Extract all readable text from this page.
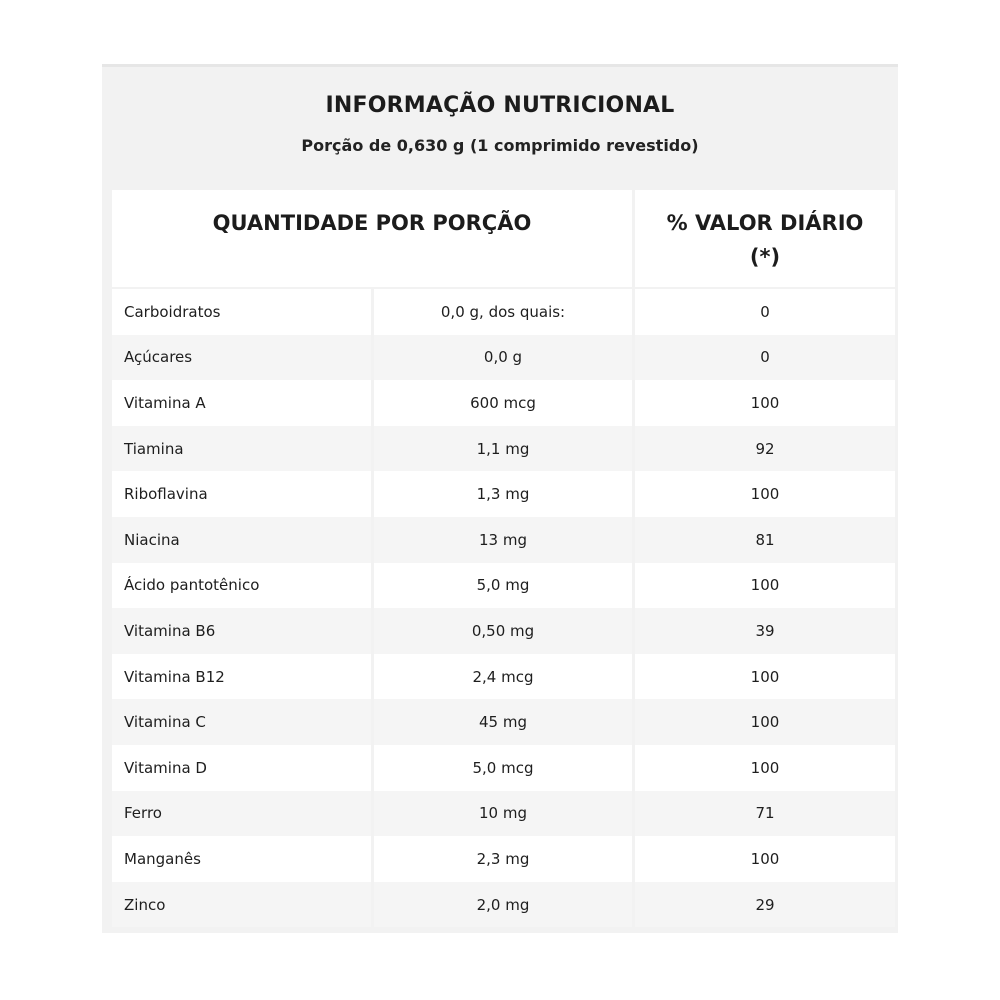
INFORMAÇÃO NUTRICIONAL
Porção de 0,630 g (1 comprimido revestido)
QUANTIDADE POR PORÇÃO	% VALOR DIÁRIO
(*)
Carboidratos	0,0 g, dos quais:	0
Açúcares	0,0 g	0
Vitamina A	600 mcg	100
Tiamina	1,1 mg	92
Riboflavina	1,3 mg	100
Niacina	13 mg	81
Ácido pantotênico	5,0 mg	100
Vitamina B6	0,50 mg	39
Vitamina B12	2,4 mcg	100
Vitamina C	45 mg	100
Vitamina D	5,0 mcg	100
Ferro	10 mg	71
Manganês	2,3 mg	100
Zinco	2,0 mg	29
